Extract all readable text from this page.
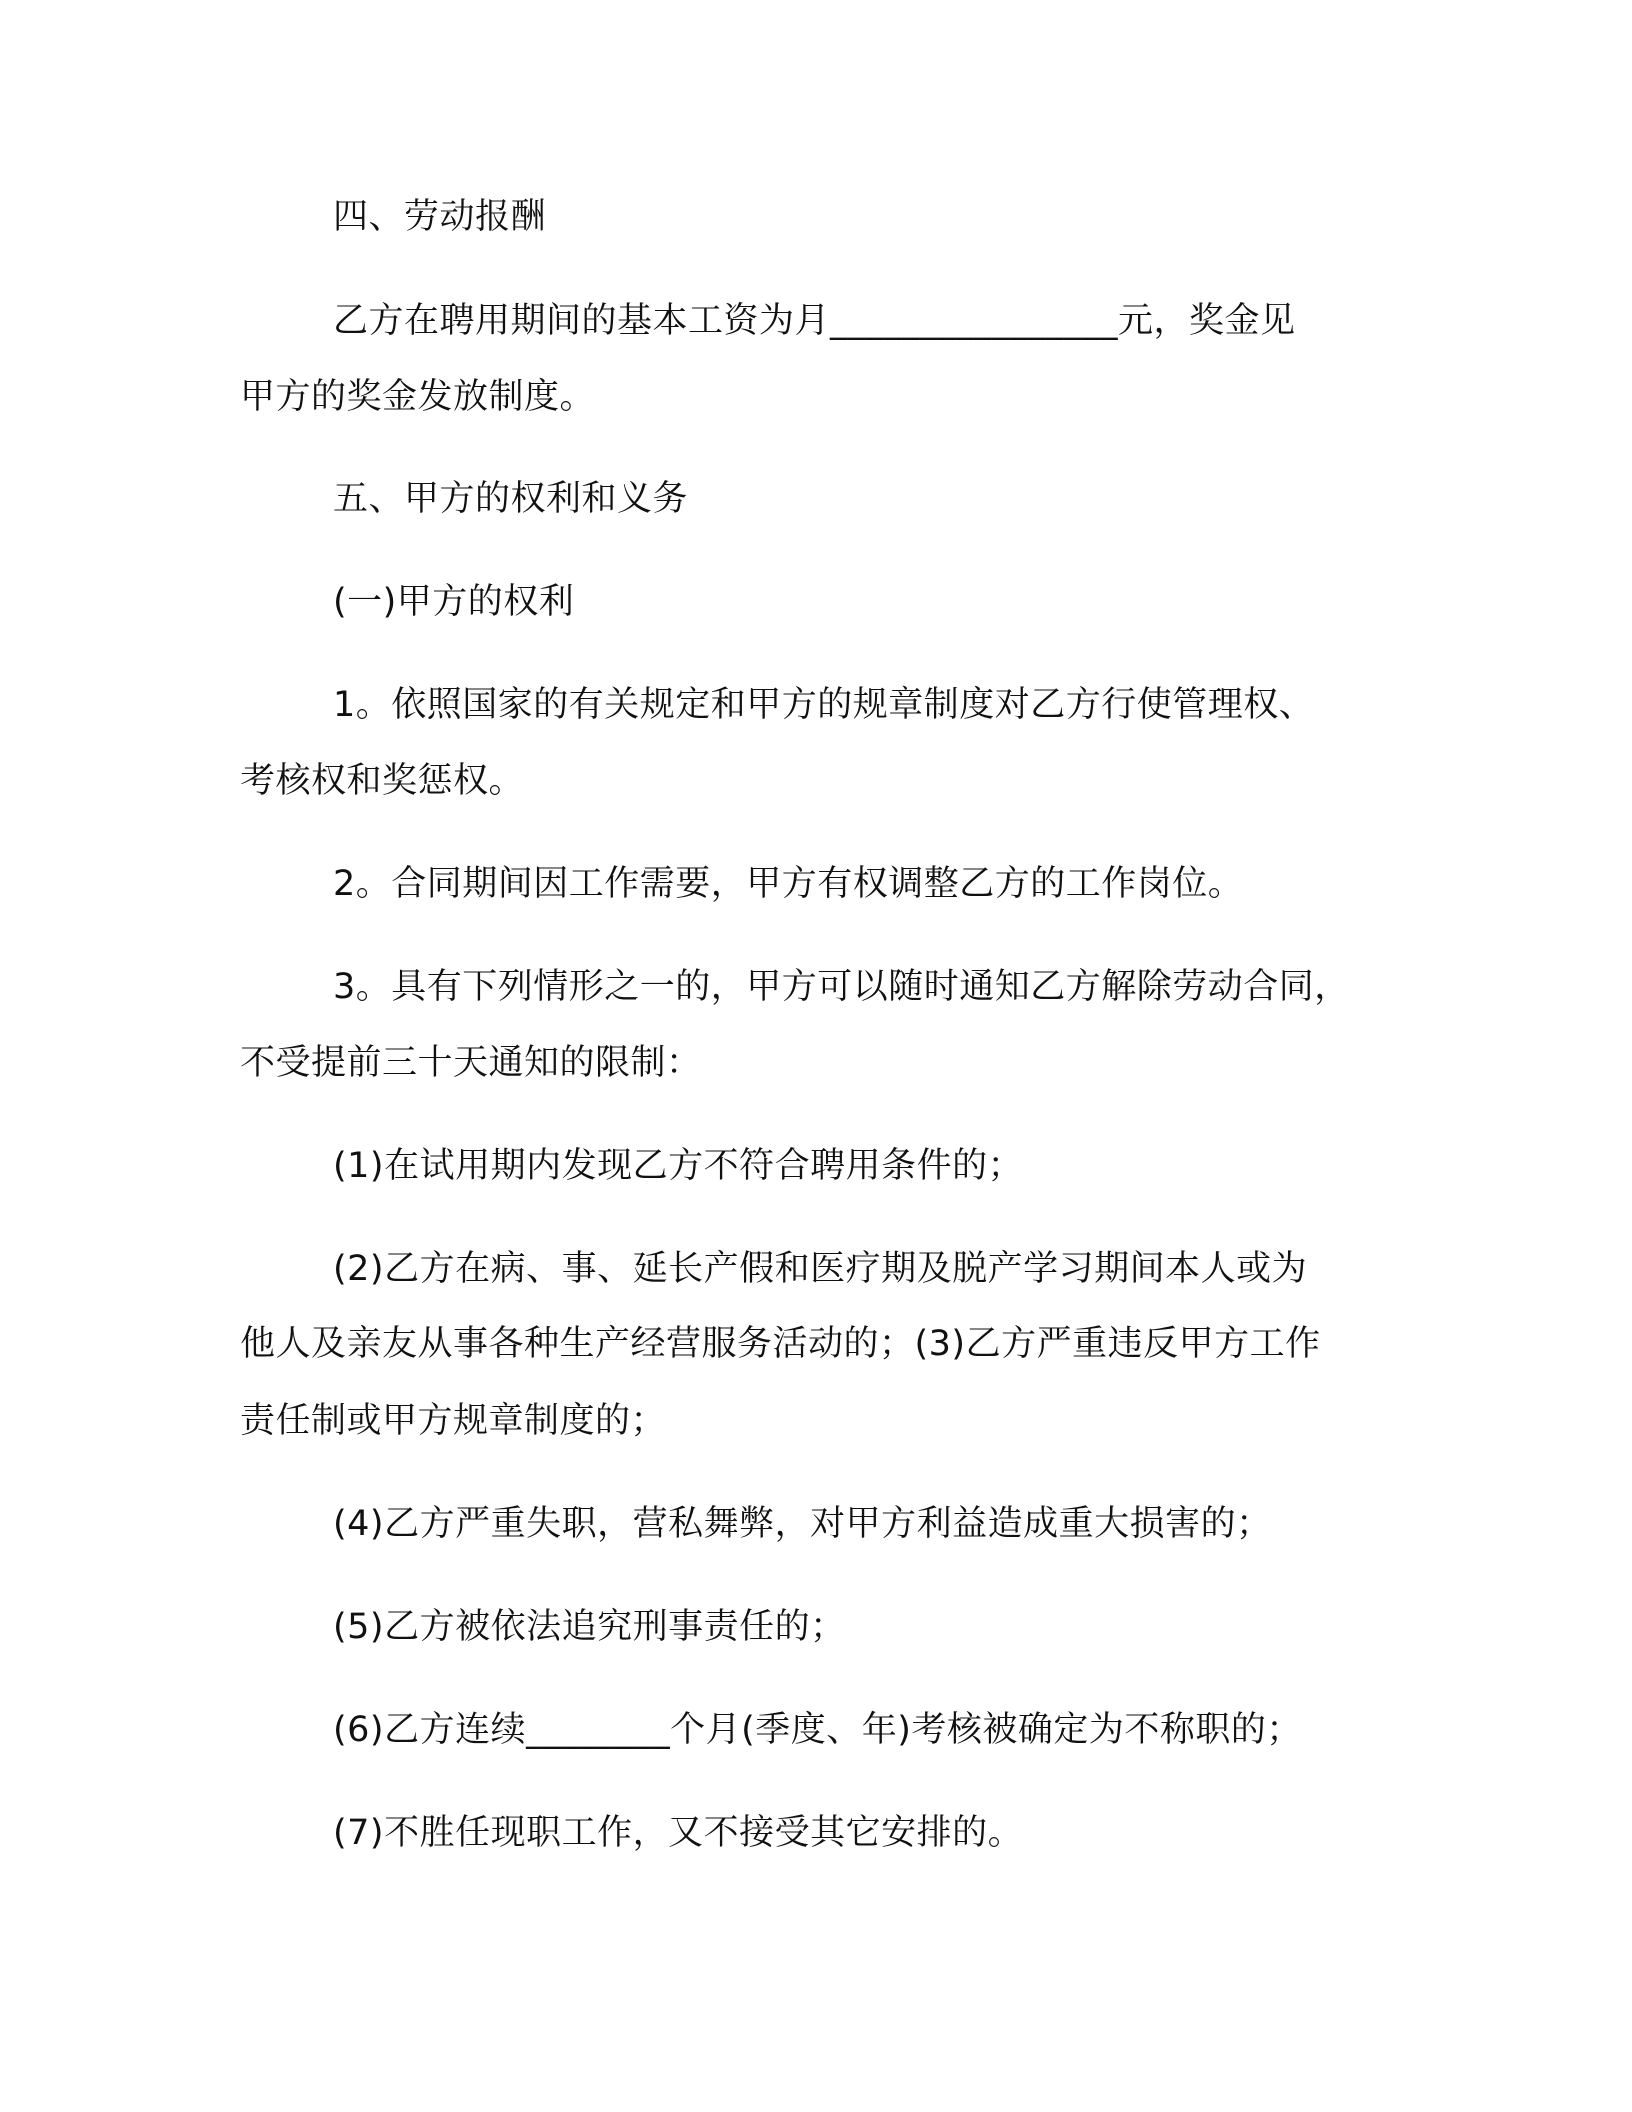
四、劳动报酬
乙方在聘用期间的基本工资为月________________元，奖金见
甲方的奖金发放制度。
五、甲方的权利和义务
(一)甲方的权利
1。依照国家的有关规定和甲方的规章制度对乙方行使管理权、
考核权和奖惩权。
2。合同期间因工作需要，甲方有权调整乙方的工作岗位。
3。具有下列情形之一的，甲方可以随时通知乙方解除劳动合同，
不受提前三十天通知的限制：
(1)在试用期内发现乙方不符合聘用条件的；
(2)乙方在病、事、延长产假和医疗期及脱产学习期间本人或为
他人及亲友从事各种生产经营服务活动的；(3)乙方严重违反甲方工作
责任制或甲方规章制度的；
(4)乙方严重失职，营私舞弊，对甲方利益造成重大损害的；
(5)乙方被依法追究刑事责任的；
(6)乙方连续________个月(季度、年)考核被确定为不称职的；
(7)不胜任现职工作，又不接受其它安排的。
